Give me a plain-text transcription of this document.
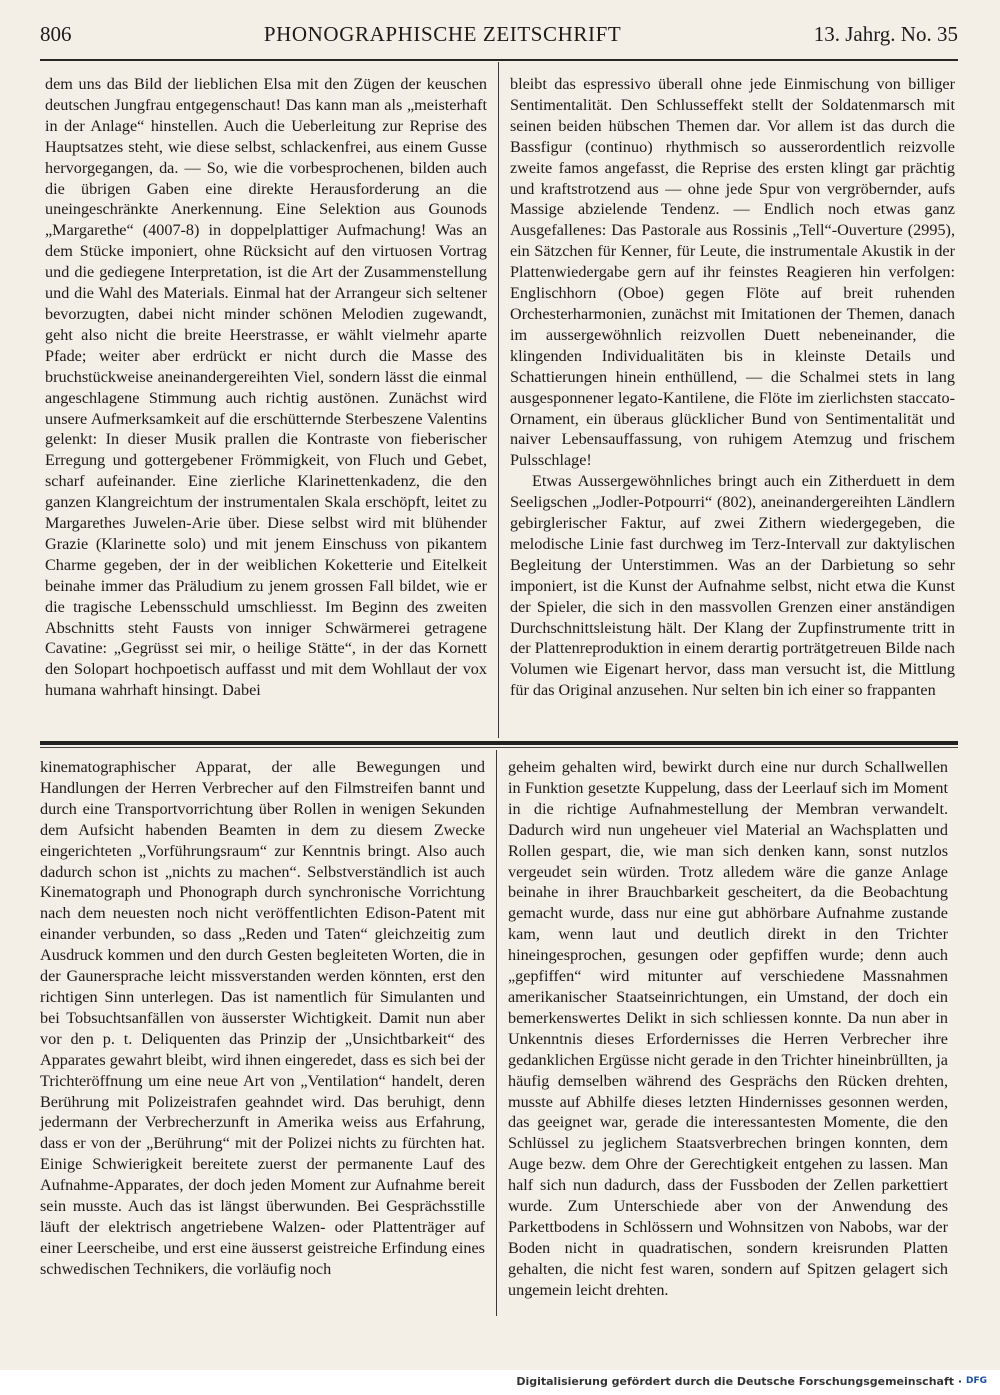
806	PHONOGRAPHISCHE ZEITSCHRIFT	13. Jahrg. No. 35

dem uns das Bild der lieblichen Elsa mit den Zügen der keuschen deutschen Jungfrau entgegenschaut! Das kann man als „meisterhaft in der Anlage“ hinstellen. Auch die Ueberleitung zur Reprise des Hauptsatzes steht, wie diese selbst, schlackenfrei, aus einem Gusse hervorgegangen, da. — So, wie die vorbesprochenen, bilden auch die übrigen Gaben eine direkte Herausforderung an die uneingeschränkte Anerkennung. Eine Selektion aus Gounods „Margarethe“ (4007-8) in doppelplattiger Aufmachung! Was an dem Stücke imponiert, ohne Rücksicht auf den virtuosen Vortrag und die gediegene Interpretation, ist die Art der Zusammenstellung und die Wahl des Materials. Einmal hat der Arrangeur sich seltener bevorzugten, dabei nicht minder schönen Melodien zugewandt, geht also nicht die breite Heerstrasse, er wählt vielmehr aparte Pfade; weiter aber erdrückt er nicht durch die Masse des bruchstückweise aneinandergereihten Viel, sondern lässt die einmal angeschlagene Stimmung auch richtig austönen. Zunächst wird unsere Aufmerksamkeit auf die erschütternde Sterbeszene Valentins gelenkt: In dieser Musik prallen die Kontraste von fieberischer Erregung und gottergebener Frömmigkeit, von Fluch und Gebet, scharf aufeinander. Eine zierliche Klarinettenkadenz, die den ganzen Klangreichtum der instrumentalen Skala erschöpft, leitet zu Margarethes Juwelen-Arie über. Diese selbst wird mit blühender Grazie (Klarinette solo) und mit jenem Einschuss von pikantem Charme gegeben, der in der weiblichen Koketterie und Eitelkeit beinahe immer das Präludium zu jenem grossen Fall bildet, wie er die tragische Lebensschuld umschliesst. Im Beginn des zweiten Abschnitts steht Fausts von inniger Schwärmerei getragene Cavatine: „Gegrüsst sei mir, o heilige Stätte“, in der das Kornett den Solopart hochpoetisch auffasst und mit dem Wohllaut der vox humana wahrhaft hinsingt. Dabei

bleibt das espressivo überall ohne jede Einmischung von billiger Sentimentalität. Den Schlusseffekt stellt der Soldatenmarsch mit seinen beiden hübschen Themen dar. Vor allem ist das durch die Bassfigur (continuo) rhythmisch so ausserordentlich reizvolle zweite famos angefasst, die Reprise des ersten klingt gar prächtig und kraftstrotzend aus — ohne jede Spur von vergröbernder, aufs Massige abzielende Tendenz. — Endlich noch etwas ganz Ausgefallenes: Das Pastorale aus Rossinis „Tell“-Ouverture (2995), ein Sätzchen für Kenner, für Leute, die instrumentale Akustik in der Plattenwiedergabe gern auf ihr feinstes Reagieren hin verfolgen: Englischhorn (Oboe) gegen Flöte auf breit ruhenden Orchesterharmonien, zunächst mit Imitationen der Themen, danach im aussergewöhnlich reizvollen Duett nebeneinander, die klingenden Individualitäten bis in kleinste Details und Schattierungen hinein enthüllend, — die Schalmei stets in lang ausgesponnener legato-Kantilene, die Flöte im zierlichsten staccato-Ornament, ein überaus glücklicher Bund von Sentimentalität und naiver Lebensauffassung, von ruhigem Atemzug und frischem Pulsschlage!

Etwas Aussergewöhnliches bringt auch ein Zitherduett in dem Seeligschen „Jodler-Potpourri“ (802), aneinandergereihten Ländlern gebirglerischer Faktur, auf zwei Zithern wiedergegeben, die melodische Linie fast durchweg im Terz-Intervall zur daktylischen Begleitung der Unterstimmen. Was an der Darbietung so sehr imponiert, ist die Kunst der Aufnahme selbst, nicht etwa die Kunst der Spieler, die sich in den massvollen Grenzen einer anständigen Durchschnittsleistung hält. Der Klang der Zupfinstrumente tritt in der Plattenreproduktion in einem derartig porträtgetreuen Bilde nach Volumen wie Eigenart hervor, dass man versucht ist, die Mittlung für das Original anzusehen. Nur selten bin ich einer so frappanten

kinematographischer Apparat, der alle Bewegungen und Handlungen der Herren Verbrecher auf den Filmstreifen bannt und durch eine Transportvorrichtung über Rollen in wenigen Sekunden dem Aufsicht habenden Beamten in dem zu diesem Zwecke eingerichteten „Vorführungsraum“ zur Kenntnis bringt. Also auch dadurch schon ist „nichts zu machen“. Selbstverständlich ist auch Kinematograph und Phonograph durch synchronische Vorrichtung nach dem neuesten noch nicht veröffentlichten Edison-Patent mit einander verbunden, so dass „Reden und Taten“ gleichzeitig zum Ausdruck kommen und den durch Gesten begleiteten Worten, die in der Gaunersprache leicht missverstanden werden könnten, erst den richtigen Sinn unterlegen. Das ist namentlich für Simulanten und bei Tobsuchtsanfällen von äusserster Wichtigkeit. Damit nun aber vor den p. t. Deliquenten das Prinzip der „Unsichtbarkeit“ des Apparates gewahrt bleibt, wird ihnen eingeredet, dass es sich bei der Trichteröffnung um eine neue Art von „Ventilation“ handelt, deren Berührung mit Polizeistrafen geahndet wird. Das beruhigt, denn jedermann der Verbrecherzunft in Amerika weiss aus Erfahrung, dass er von der „Berührung“ mit der Polizei nichts zu fürchten hat. Einige Schwierigkeit bereitete zuerst der permanente Lauf des Aufnahme-Apparates, der doch jeden Moment zur Aufnahme bereit sein musste. Auch das ist längst überwunden. Bei Gesprächsstille läuft der elektrisch angetriebene Walzen- oder Plattenträger auf einer Leerscheibe, und erst eine äusserst geistreiche Erfindung eines schwedischen Technikers, die vorläufig noch

geheim gehalten wird, bewirkt durch eine nur durch Schallwellen in Funktion gesetzte Kuppelung, dass der Leerlauf sich im Moment in die richtige Aufnahmestellung der Membran verwandelt. Dadurch wird nun ungeheuer viel Material an Wachsplatten und Rollen gespart, die, wie man sich denken kann, sonst nutzlos vergeudet sein würden. Trotz alledem wäre die ganze Anlage beinahe in ihrer Brauchbarkeit gescheitert, da die Beobachtung gemacht wurde, dass nur eine gut abhörbare Aufnahme zustande kam, wenn laut und deutlich direkt in den Trichter hineingesprochen, gesungen oder gepfiffen wurde; denn auch „gepfiffen“ wird mitunter auf verschiedene Massnahmen amerikanischer Staatseinrichtungen, ein Umstand, der doch ein bemerkenswertes Delikt in sich schliessen konnte. Da nun aber in Unkenntnis dieses Erfordernisses die Herren Verbrecher ihre gedanklichen Ergüsse nicht gerade in den Trichter hineinbrüllten, ja häufig demselben während des Gesprächs den Rücken drehten, musste auf Abhilfe dieses letzten Hindernisses gesonnen werden, das geeignet war, gerade die interessantesten Momente, die den Schlüssel zu jeglichem Staatsverbrechen bringen konnten, dem Auge bezw. dem Ohre der Gerechtigkeit entgehen zu lassen. Man half sich nun dadurch, dass der Fussboden der Zellen parkettiert wurde. Zum Unterschiede aber von der Anwendung des Parkettbodens in Schlössern und Wohnsitzen von Nabobs, war der Boden nicht in quadratischen, sondern kreisrunden Platten gehalten, die nicht fest waren, sondern auf Spitzen gelagert sich ungemein leicht drehten.

Digitalisierung gefördert durch die Deutsche Forschungsgemeinschaft · DFG
